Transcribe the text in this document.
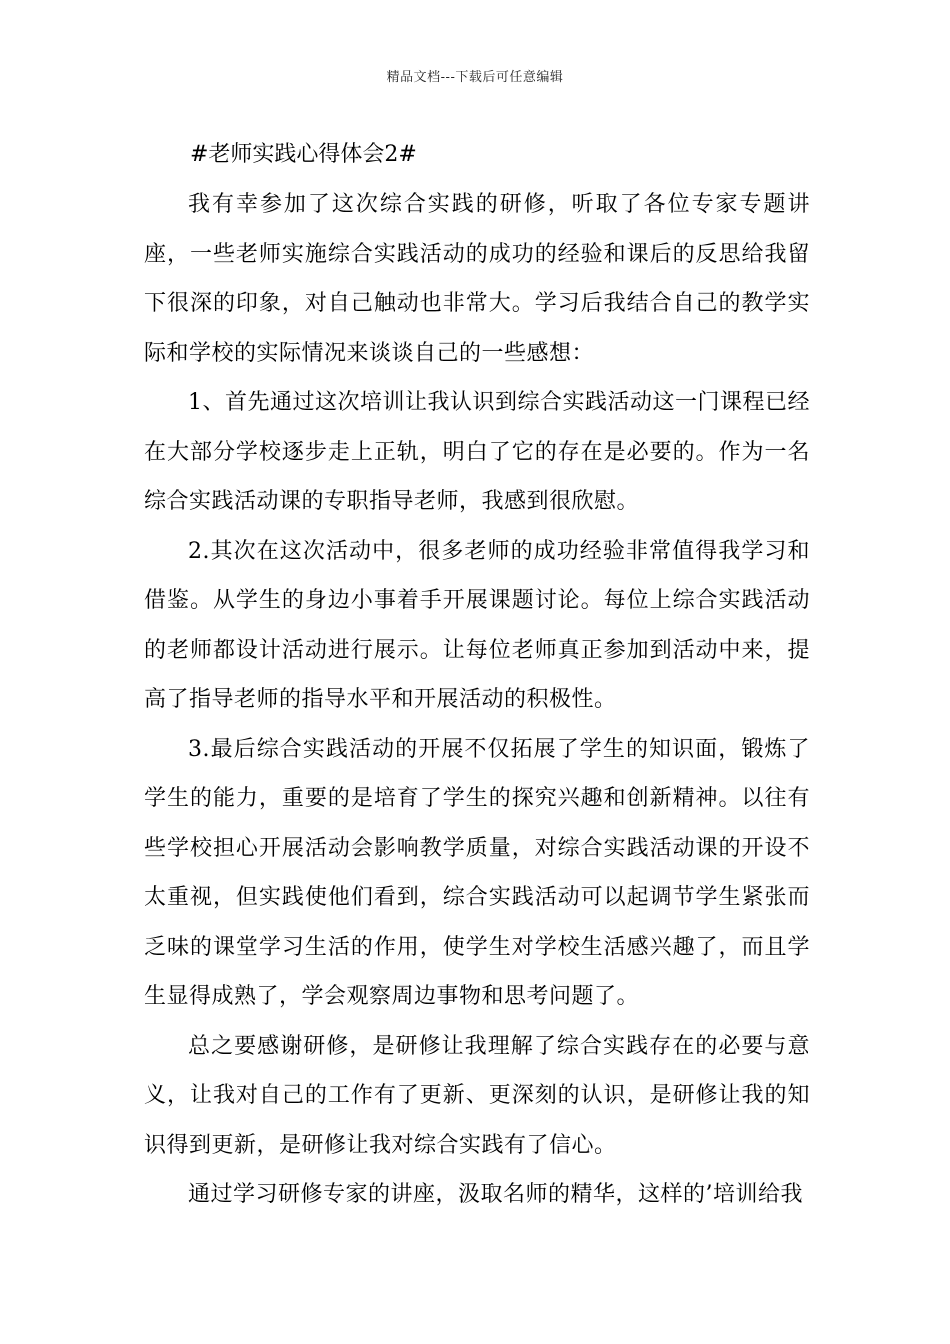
精品文档---下载后可任意编辑
#老师实践心得体会2#

我有幸参加了这次综合实践的研修，听取了各位专家专题讲座，一些老师实施综合实践活动的成功的经验和课后的反思给我留下很深的印象，对自己触动也非常大。学习后我结合自己的教学实际和学校的实际情况来谈谈自己的一些感想：

1、首先通过这次培训让我认识到综合实践活动这一门课程已经在大部分学校逐步走上正轨，明白了它的存在是必要的。作为一名综合实践活动课的专职指导老师，我感到很欣慰。

2.其次在这次活动中，很多老师的成功经验非常值得我学习和借鉴。从学生的身边小事着手开展课题讨论。每位上综合实践活动的老师都设计活动进行展示。让每位老师真正参加到活动中来，提高了指导老师的指导水平和开展活动的积极性。

3.最后综合实践活动的开展不仅拓展了学生的知识面，锻炼了学生的能力，重要的是培育了学生的探究兴趣和创新精神。以往有些学校担心开展活动会影响教学质量，对综合实践活动课的开设不太重视，但实践使他们看到，综合实践活动可以起调节学生紧张而乏味的课堂学习生活的作用，使学生对学校生活感兴趣了，而且学生显得成熟了，学会观察周边事物和思考问题了。

总之要感谢研修，是研修让我理解了综合实践存在的必要与意义，让我对自己的工作有了更新、更深刻的认识，是研修让我的知识得到更新，是研修让我对综合实践有了信心。

通过学习研修专家的讲座，汲取名师的精华，这样的’培训给我
